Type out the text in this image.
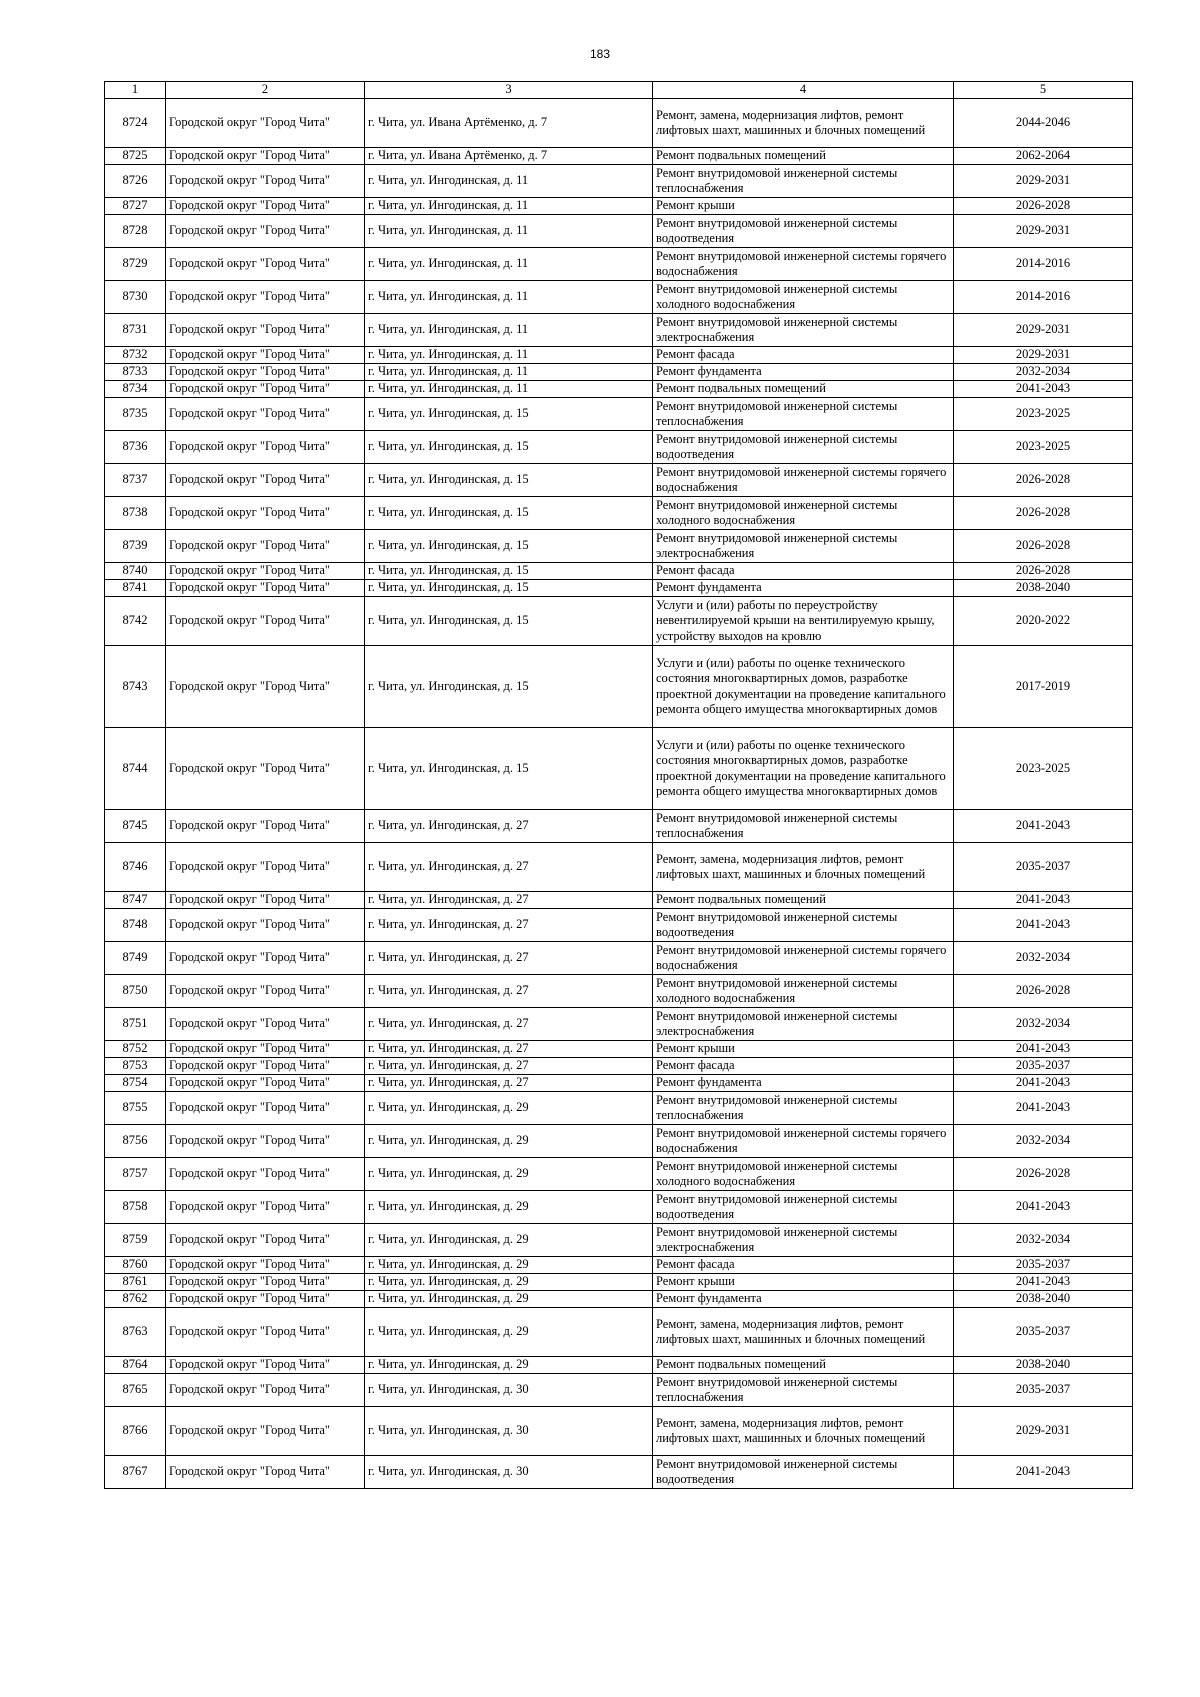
183
1	2	3	4	5
8724	Городской округ "Город Чита"	г. Чита, ул. Ивана Артёменко, д. 7	Ремонт, замена, модернизация лифтов, ремонт лифтовых шахт, машинных и блочных помещений	2044-2046
8725	Городской округ "Город Чита"	г. Чита, ул. Ивана Артёменко, д. 7	Ремонт подвальных помещений	2062-2064
8726	Городской округ "Город Чита"	г. Чита, ул. Ингодинская, д. 11	Ремонт внутридомовой инженерной системы теплоснабжения	2029-2031
8727	Городской округ "Город Чита"	г. Чита, ул. Ингодинская, д. 11	Ремонт крыши	2026-2028
8728	Городской округ "Город Чита"	г. Чита, ул. Ингодинская, д. 11	Ремонт внутридомовой инженерной системы водоотведения	2029-2031
8729	Городской округ "Город Чита"	г. Чита, ул. Ингодинская, д. 11	Ремонт внутридомовой инженерной системы горячего водоснабжения	2014-2016
8730	Городской округ "Город Чита"	г. Чита, ул. Ингодинская, д. 11	Ремонт внутридомовой инженерной системы холодного водоснабжения	2014-2016
8731	Городской округ "Город Чита"	г. Чита, ул. Ингодинская, д. 11	Ремонт внутридомовой инженерной системы электроснабжения	2029-2031
8732	Городской округ "Город Чита"	г. Чита, ул. Ингодинская, д. 11	Ремонт фасада	2029-2031
8733	Городской округ "Город Чита"	г. Чита, ул. Ингодинская, д. 11	Ремонт фундамента	2032-2034
8734	Городской округ "Город Чита"	г. Чита, ул. Ингодинская, д. 11	Ремонт подвальных помещений	2041-2043
8735	Городской округ "Город Чита"	г. Чита, ул. Ингодинская, д. 15	Ремонт внутридомовой инженерной системы теплоснабжения	2023-2025
8736	Городской округ "Город Чита"	г. Чита, ул. Ингодинская, д. 15	Ремонт внутридомовой инженерной системы водоотведения	2023-2025
8737	Городской округ "Город Чита"	г. Чита, ул. Ингодинская, д. 15	Ремонт внутридомовой инженерной системы горячего водоснабжения	2026-2028
8738	Городской округ "Город Чита"	г. Чита, ул. Ингодинская, д. 15	Ремонт внутридомовой инженерной системы холодного водоснабжения	2026-2028
8739	Городской округ "Город Чита"	г. Чита, ул. Ингодинская, д. 15	Ремонт внутридомовой инженерной системы электроснабжения	2026-2028
8740	Городской округ "Город Чита"	г. Чита, ул. Ингодинская, д. 15	Ремонт фасада	2026-2028
8741	Городской округ "Город Чита"	г. Чита, ул. Ингодинская, д. 15	Ремонт фундамента	2038-2040
8742	Городской округ "Город Чита"	г. Чита, ул. Ингодинская, д. 15	Услуги и (или) работы по переустройству невентилируемой крыши на вентилируемую крышу, устройству выходов на кровлю	2020-2022
8743	Городской округ "Город Чита"	г. Чита, ул. Ингодинская, д. 15	Услуги и (или) работы по оценке технического состояния многоквартирных домов, разработке проектной документации на проведение капитального ремонта общего имущества многоквартирных домов	2017-2019
8744	Городской округ "Город Чита"	г. Чита, ул. Ингодинская, д. 15	Услуги и (или) работы по оценке технического состояния многоквартирных домов, разработке проектной документации на проведение капитального ремонта общего имущества многоквартирных домов	2023-2025
8745	Городской округ "Город Чита"	г. Чита, ул. Ингодинская, д. 27	Ремонт внутридомовой инженерной системы теплоснабжения	2041-2043
8746	Городской округ "Город Чита"	г. Чита, ул. Ингодинская, д. 27	Ремонт, замена, модернизация лифтов, ремонт лифтовых шахт, машинных и блочных помещений	2035-2037
8747	Городской округ "Город Чита"	г. Чита, ул. Ингодинская, д. 27	Ремонт подвальных помещений	2041-2043
8748	Городской округ "Город Чита"	г. Чита, ул. Ингодинская, д. 27	Ремонт внутридомовой инженерной системы водоотведения	2041-2043
8749	Городской округ "Город Чита"	г. Чита, ул. Ингодинская, д. 27	Ремонт внутридомовой инженерной системы горячего водоснабжения	2032-2034
8750	Городской округ "Город Чита"	г. Чита, ул. Ингодинская, д. 27	Ремонт внутридомовой инженерной системы холодного водоснабжения	2026-2028
8751	Городской округ "Город Чита"	г. Чита, ул. Ингодинская, д. 27	Ремонт внутридомовой инженерной системы электроснабжения	2032-2034
8752	Городской округ "Город Чита"	г. Чита, ул. Ингодинская, д. 27	Ремонт крыши	2041-2043
8753	Городской округ "Город Чита"	г. Чита, ул. Ингодинская, д. 27	Ремонт фасада	2035-2037
8754	Городской округ "Город Чита"	г. Чита, ул. Ингодинская, д. 27	Ремонт фундамента	2041-2043
8755	Городской округ "Город Чита"	г. Чита, ул. Ингодинская, д. 29	Ремонт внутридомовой инженерной системы теплоснабжения	2041-2043
8756	Городской округ "Город Чита"	г. Чита, ул. Ингодинская, д. 29	Ремонт внутридомовой инженерной системы горячего водоснабжения	2032-2034
8757	Городской округ "Город Чита"	г. Чита, ул. Ингодинская, д. 29	Ремонт внутридомовой инженерной системы холодного водоснабжения	2026-2028
8758	Городской округ "Город Чита"	г. Чита, ул. Ингодинская, д. 29	Ремонт внутридомовой инженерной системы водоотведения	2041-2043
8759	Городской округ "Город Чита"	г. Чита, ул. Ингодинская, д. 29	Ремонт внутридомовой инженерной системы электроснабжения	2032-2034
8760	Городской округ "Город Чита"	г. Чита, ул. Ингодинская, д. 29	Ремонт фасада	2035-2037
8761	Городской округ "Город Чита"	г. Чита, ул. Ингодинская, д. 29	Ремонт крыши	2041-2043
8762	Городской округ "Город Чита"	г. Чита, ул. Ингодинская, д. 29	Ремонт фундамента	2038-2040
8763	Городской округ "Город Чита"	г. Чита, ул. Ингодинская, д. 29	Ремонт, замена, модернизация лифтов, ремонт лифтовых шахт, машинных и блочных помещений	2035-2037
8764	Городской округ "Город Чита"	г. Чита, ул. Ингодинская, д. 29	Ремонт подвальных помещений	2038-2040
8765	Городской округ "Город Чита"	г. Чита, ул. Ингодинская, д. 30	Ремонт внутридомовой инженерной системы теплоснабжения	2035-2037
8766	Городской округ "Город Чита"	г. Чита, ул. Ингодинская, д. 30	Ремонт, замена, модернизация лифтов, ремонт лифтовых шахт, машинных и блочных помещений	2029-2031
8767	Городской округ "Город Чита"	г. Чита, ул. Ингодинская, д. 30	Ремонт внутридомовой инженерной системы водоотведения	2041-2043
